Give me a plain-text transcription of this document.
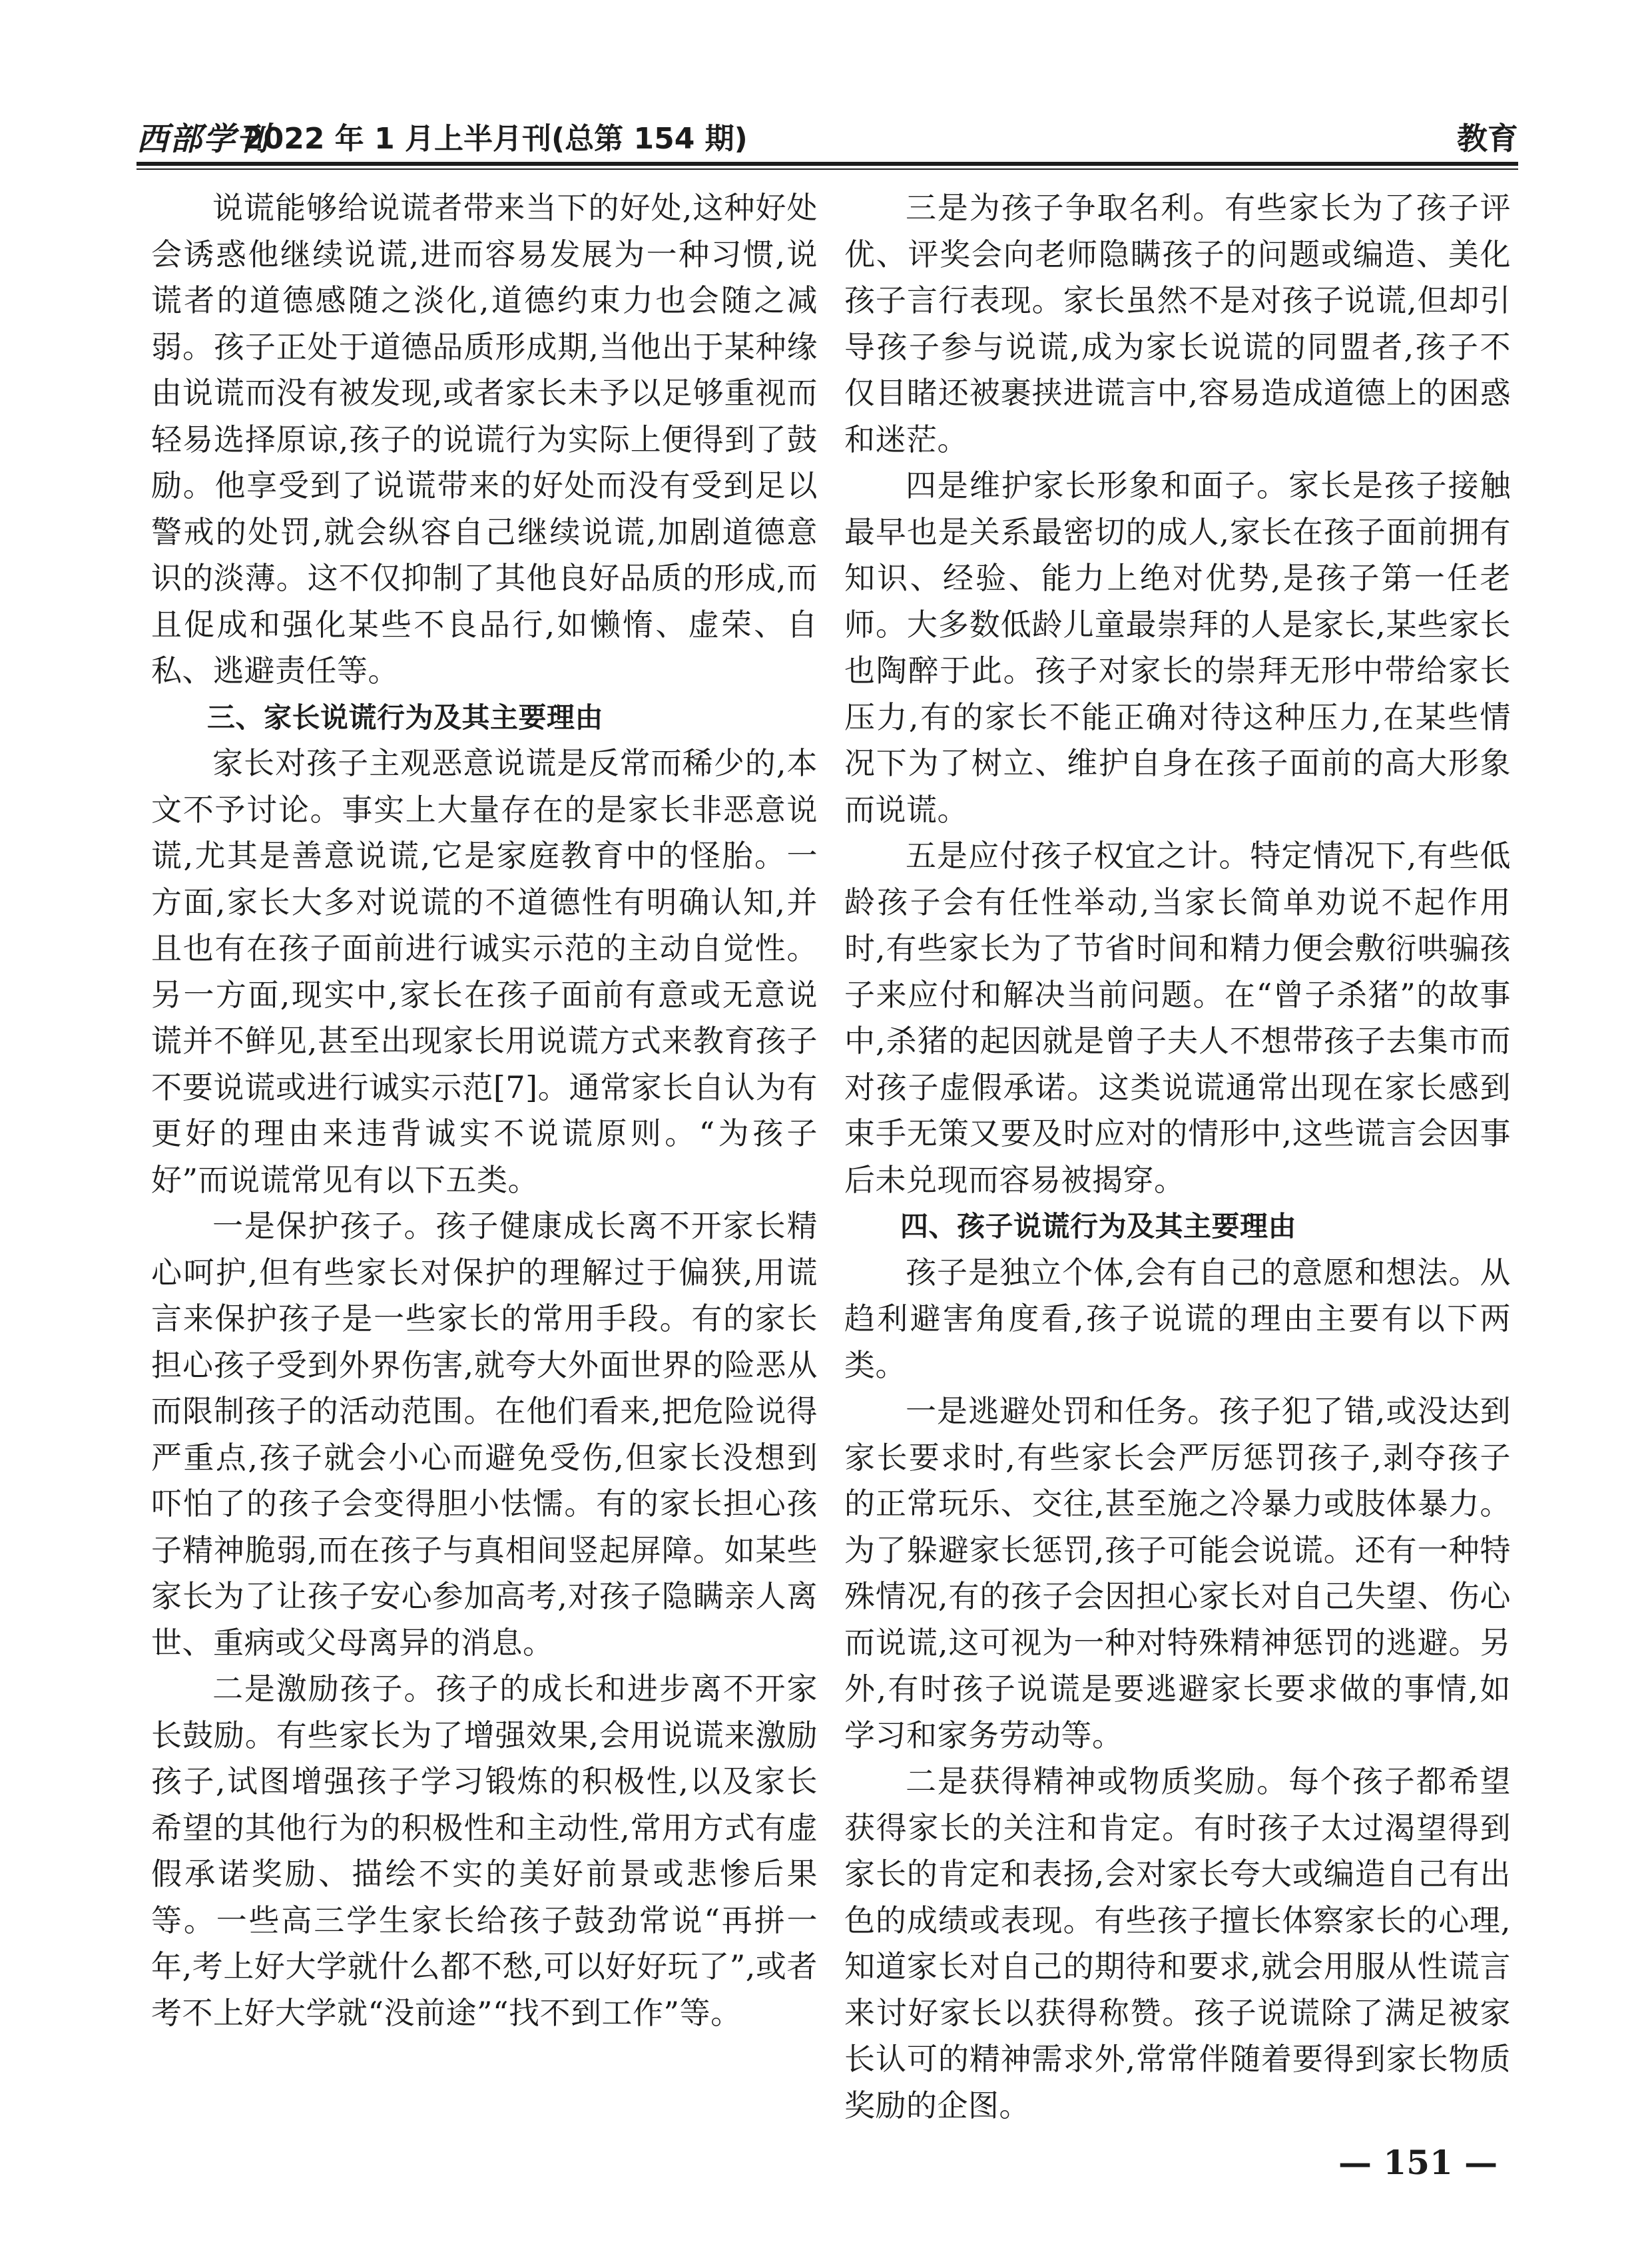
西部学刊
2022 年 1 月上半月刊(总第 154 期)	教育

说谎能够给说谎者带来当下的好处,这种好处会诱惑他继续说谎,进而容易发展为一种习惯,说谎者的道德感随之淡化,道德约束力也会随之减弱。孩子正处于道德品质形成期,当他出于某种缘由说谎而没有被发现,或者家长未予以足够重视而轻易选择原谅,孩子的说谎行为实际上便得到了鼓励。他享受到了说谎带来的好处而没有受到足以警戒的处罚,就会纵容自己继续说谎,加剧道德意识的淡薄。这不仅抑制了其他良好品质的形成,而且促成和强化某些不良品行,如懒惰、虚荣、自私、逃避责任等。

三、家长说谎行为及其主要理由

家长对孩子主观恶意说谎是反常而稀少的,本文不予讨论。事实上大量存在的是家长非恶意说谎,尤其是善意说谎,它是家庭教育中的怪胎。一方面,家长大多对说谎的不道德性有明确认知,并且也有在孩子面前进行诚实示范的主动自觉性。另一方面,现实中,家长在孩子面前有意或无意说谎并不鲜见,甚至出现家长用说谎方式来教育孩子不要说谎或进行诚实示范[7]。通常家长自认为有更好的理由来违背诚实不说谎原则。“为孩子好”而说谎常见有以下五类。

一是保护孩子。孩子健康成长离不开家长精心呵护,但有些家长对保护的理解过于偏狭,用谎言来保护孩子是一些家长的常用手段。有的家长担心孩子受到外界伤害,就夸大外面世界的险恶从而限制孩子的活动范围。在他们看来,把危险说得严重点,孩子就会小心而避免受伤,但家长没想到吓怕了的孩子会变得胆小怯懦。有的家长担心孩子精神脆弱,而在孩子与真相间竖起屏障。如某些家长为了让孩子安心参加高考,对孩子隐瞒亲人离世、重病或父母离异的消息。

二是激励孩子。孩子的成长和进步离不开家长鼓励。有些家长为了增强效果,会用说谎来激励孩子,试图增强孩子学习锻炼的积极性,以及家长希望的其他行为的积极性和主动性,常用方式有虚假承诺奖励、描绘不实的美好前景或悲惨后果等。一些高三学生家长给孩子鼓劲常说“再拼一年,考上好大学就什么都不愁,可以好好玩了”,或者考不上好大学就“没前途”“找不到工作”等。

三是为孩子争取名利。有些家长为了孩子评优、评奖会向老师隐瞒孩子的问题或编造、美化孩子言行表现。家长虽然不是对孩子说谎,但却引导孩子参与说谎,成为家长说谎的同盟者,孩子不仅目睹还被裹挟进谎言中,容易造成道德上的困惑和迷茫。

四是维护家长形象和面子。家长是孩子接触最早也是关系最密切的成人,家长在孩子面前拥有知识、经验、能力上绝对优势,是孩子第一任老师。大多数低龄儿童最崇拜的人是家长,某些家长也陶醉于此。孩子对家长的崇拜无形中带给家长压力,有的家长不能正确对待这种压力,在某些情况下为了树立、维护自身在孩子面前的高大形象而说谎。

五是应付孩子权宜之计。特定情况下,有些低龄孩子会有任性举动,当家长简单劝说不起作用时,有些家长为了节省时间和精力便会敷衍哄骗孩子来应付和解决当前问题。在“曾子杀猪”的故事中,杀猪的起因就是曾子夫人不想带孩子去集市而对孩子虚假承诺。这类说谎通常出现在家长感到束手无策又要及时应对的情形中,这些谎言会因事后未兑现而容易被揭穿。

四、孩子说谎行为及其主要理由

孩子是独立个体,会有自己的意愿和想法。从趋利避害角度看,孩子说谎的理由主要有以下两类。

一是逃避处罚和任务。孩子犯了错,或没达到家长要求时,有些家长会严厉惩罚孩子,剥夺孩子的正常玩乐、交往,甚至施之冷暴力或肢体暴力。为了躲避家长惩罚,孩子可能会说谎。还有一种特殊情况,有的孩子会因担心家长对自己失望、伤心而说谎,这可视为一种对特殊精神惩罚的逃避。另外,有时孩子说谎是要逃避家长要求做的事情,如学习和家务劳动等。

二是获得精神或物质奖励。每个孩子都希望获得家长的关注和肯定。有时孩子太过渴望得到家长的肯定和表扬,会对家长夸大或编造自己有出色的成绩或表现。有些孩子擅长体察家长的心理,知道家长对自己的期待和要求,就会用服从性谎言来讨好家长以获得称赞。孩子说谎除了满足被家长认可的精神需求外,常常伴随着要得到家长物质奖励的企图。

— 151 —
